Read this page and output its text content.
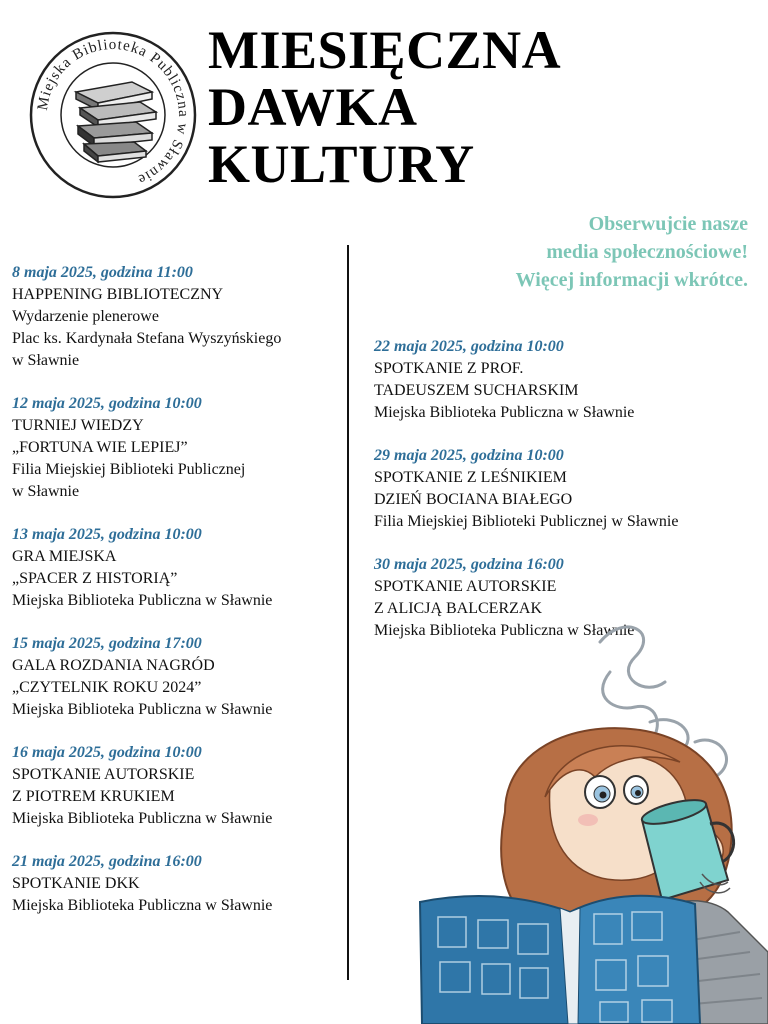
Miejska Biblioteka Publiczna w Sławnie
MIESIĘCZNA
DAWKA
KULTURY
Obserwujcie nasze
media społecznościowe!
Więcej informacji wkrótce.
8 maja 2025, godzina 11:00
HAPPENING BIBLIOTECZNY
Wydarzenie plenerowe
Plac ks. Kardynała Stefana Wyszyńskiego
w Sławnie
12 maja 2025, godzina 10:00
TURNIEJ WIEDZY
„FORTUNA WIE LEPIEJ”
Filia Miejskiej Biblioteki Publicznej
w Sławnie
13 maja 2025, godzina 10:00
GRA MIEJSKA
„SPACER Z HISTORIĄ”
Miejska Biblioteka Publiczna w Sławnie
15 maja 2025, godzina 17:00
GALA ROZDANIA NAGRÓD
„CZYTELNIK ROKU 2024”
Miejska Biblioteka Publiczna w Sławnie
16 maja 2025, godzina 10:00
SPOTKANIE AUTORSKIE
Z PIOTREM KRUKIEM
Miejska Biblioteka Publiczna w Sławnie
21 maja 2025, godzina 16:00
SPOTKANIE DKK
Miejska Biblioteka Publiczna w Sławnie
22 maja 2025, godzina 10:00
SPOTKANIE Z PROF.
TADEUSZEM SUCHARSKIM
Miejska Biblioteka Publiczna w Sławnie
29 maja 2025, godzina 10:00
SPOTKANIE Z LEŚNIKIEM
DZIEŃ BOCIANA BIAŁEGO
Filia Miejskiej Biblioteki Publicznej w Sławnie
30 maja 2025, godzina 16:00
SPOTKANIE AUTORSKIE
Z ALICJĄ BALCERZAK
Miejska Biblioteka Publiczna w Sławnie
